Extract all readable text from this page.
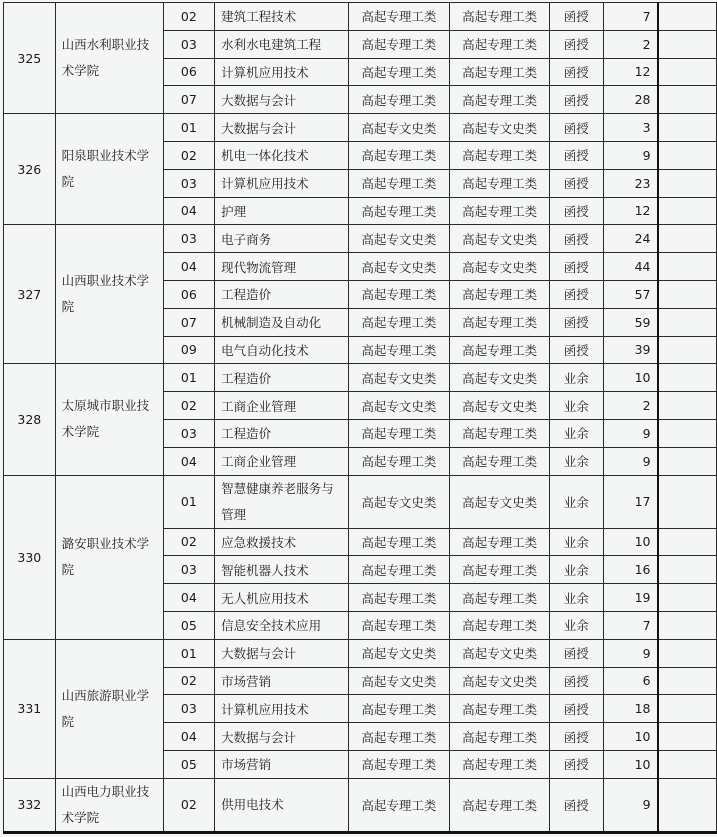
325	山西水利职业技术学院	02	建筑工程技术	高起专理工类	高起专理工类	函授	7	
		03	水利水电建筑工程	高起专理工类	高起专理工类	函授	2	
		06	计算机应用技术	高起专理工类	高起专理工类	函授	12	
		07	大数据与会计	高起专理工类	高起专理工类	函授	28	
326	阳泉职业技术学院	01	大数据与会计	高起专文史类	高起专文史类	函授	3	
		02	机电一体化技术	高起专理工类	高起专理工类	函授	9	
		03	计算机应用技术	高起专理工类	高起专理工类	函授	23	
		04	护理	高起专理工类	高起专理工类	函授	12	
327	山西职业技术学院	03	电子商务	高起专文史类	高起专文史类	函授	24	
		04	现代物流管理	高起专文史类	高起专文史类	函授	44	
		06	工程造价	高起专理工类	高起专理工类	函授	57	
		07	机械制造及自动化	高起专理工类	高起专理工类	函授	59	
		09	电气自动化技术	高起专理工类	高起专理工类	函授	39	
328	太原城市职业技术学院	01	工程造价	高起专文史类	高起专文史类	业余	10	
		02	工商企业管理	高起专文史类	高起专文史类	业余	2	
		03	工程造价	高起专理工类	高起专理工类	业余	9	
		04	工商企业管理	高起专理工类	高起专理工类	业余	9	
330	潞安职业技术学院	01	智慧健康养老服务与管理	高起专文史类	高起专文史类	业余	17	
		02	应急救援技术	高起专理工类	高起专理工类	业余	10	
		03	智能机器人技术	高起专理工类	高起专理工类	业余	16	
		04	无人机应用技术	高起专理工类	高起专理工类	业余	19	
		05	信息安全技术应用	高起专理工类	高起专理工类	业余	7	
331	山西旅游职业学院	01	大数据与会计	高起专文史类	高起专文史类	函授	9	
		02	市场营销	高起专文史类	高起专文史类	函授	6	
		03	计算机应用技术	高起专理工类	高起专理工类	函授	18	
		04	大数据与会计	高起专理工类	高起专理工类	函授	10	
		05	市场营销	高起专理工类	高起专理工类	函授	10	
332	山西电力职业技术学院	02	供用电技术	高起专理工类	高起专理工类	函授	9	
